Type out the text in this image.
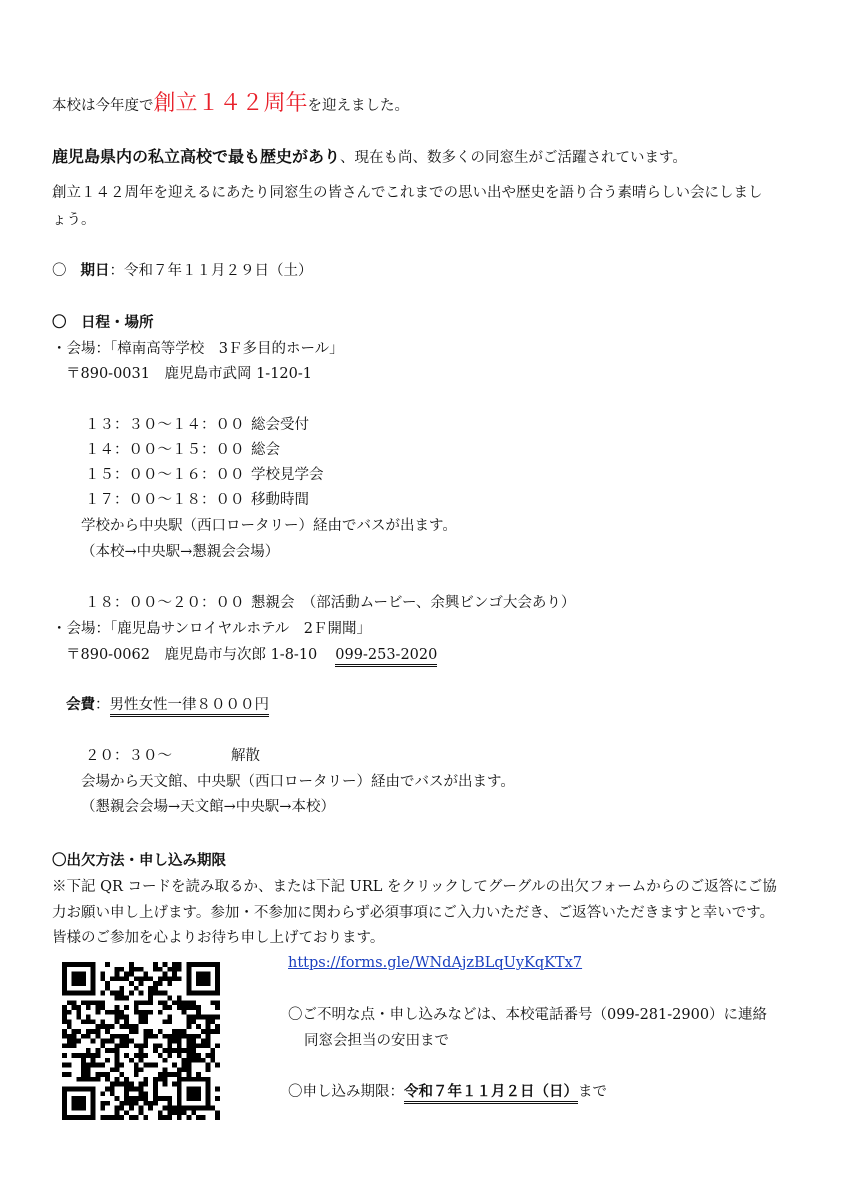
本校は今年度で創立１４２周年を迎えました。
鹿児島県内の私立高校で最も歴史があり、現在も尚、数多くの同窓生がご活躍されています。
創立１４２周年を迎えるにあたり同窓生の皆さんでこれまでの思い出や歴史を語り合う素晴らしい会にしまし
ょう。
〇 期日：令和７年１１月２９日（土）
〇　日程・場所
・会場：「樟南高等学校　3Ｆ多目的ホール」
〒890-0031　鹿児島市武岡 1-120-1
１３：３０～１４：００ 総会受付
１４：００～１５：００ 総会
１５：００～１６：００ 学校見学会
１７：００～１８：００ 移動時間
学校から中央駅（西口ロータリー）経由でバスが出ます。
（本校→中央駅→懇親会会場）
１８：００～２０：００ 懇親会　（部活動ムービー、余興ビンゴ大会あり）
・会場：「鹿児島サンロイヤルホテル　2Ｆ開聞」
〒890-0062　鹿児島市与次郎 1-8-10 099-253-2020
会費：男性女性一律８０００円
２０：３０～	解散
会場から天文館、中央駅（西口ロータリー）経由でバスが出ます。
（懇親会会場→天文館→中央駅→本校）
〇出欠方法・申し込み期限
※下記 QR コードを読み取るか、または下記 URL をクリックしてグーグルの出欠フォームからのご返答にご協
力お願い申し上げます。参加・不参加に関わらず必須事項にご入力いただき、ご返答いただきますと幸いです。
皆様のご参加を心よりお待ち申し上げております。
https://forms.gle/WNdAjzBLqUyKqKTx7
〇ご不明な点・申し込みなどは、本校電話番号（099-281-2900）に連絡
同窓会担当の安田まで
〇申し込み期限：令和７年１１月２日（日）まで
